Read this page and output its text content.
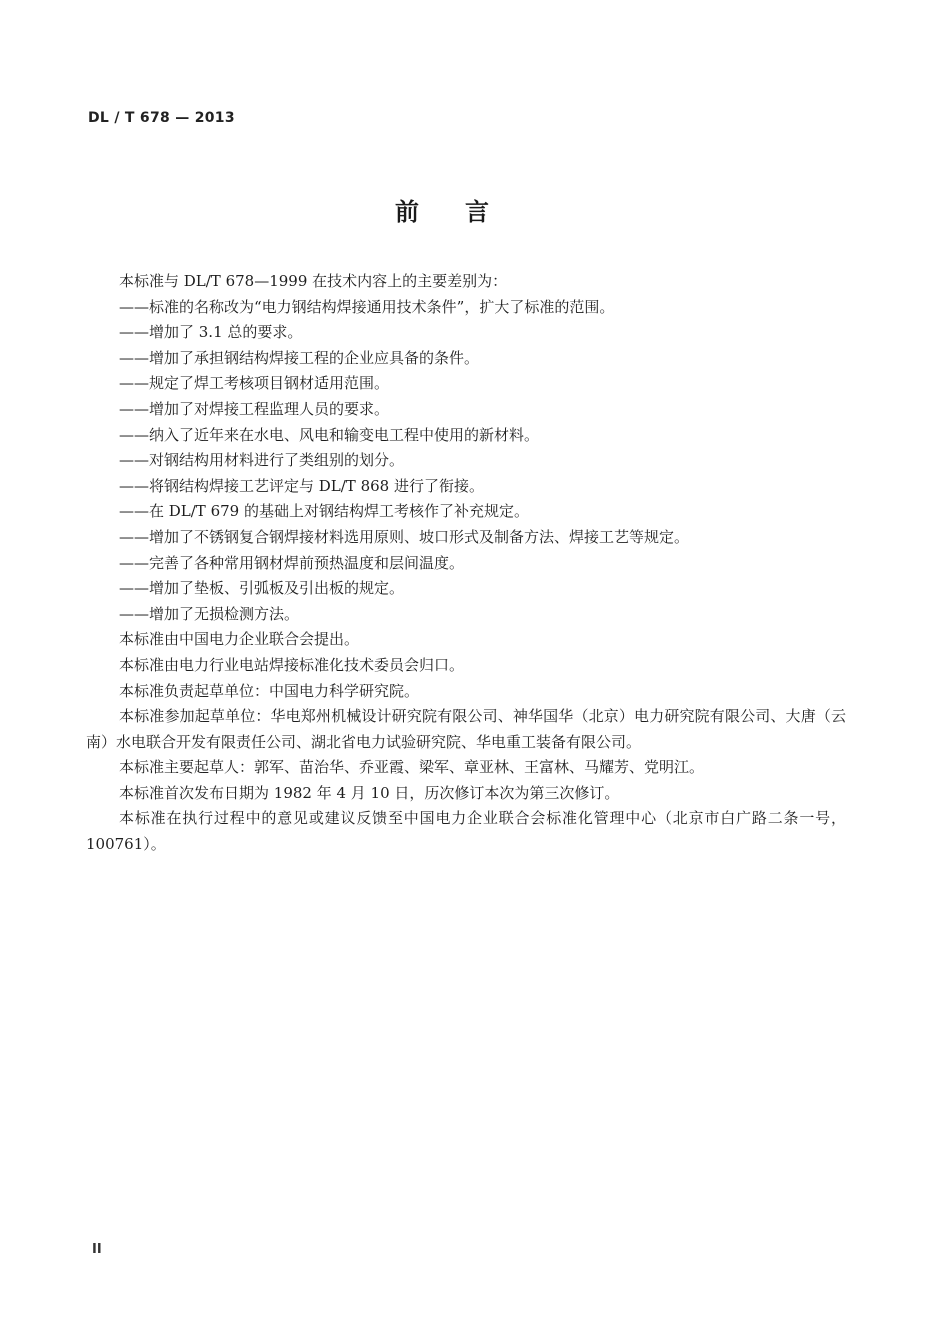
DL / T 678 — 2013
前言
本标准与 DL/T 678—1999 在技术内容上的主要差别为：
——标准的名称改为“电力钢结构焊接通用技术条件”，扩大了标准的范围。
——增加了 3.1 总的要求。
——增加了承担钢结构焊接工程的企业应具备的条件。
——规定了焊工考核项目钢材适用范围。
——增加了对焊接工程监理人员的要求。
——纳入了近年来在水电、风电和输变电工程中使用的新材料。
——对钢结构用材料进行了类组别的划分。
——将钢结构焊接工艺评定与 DL/T 868 进行了衔接。
——在 DL/T 679 的基础上对钢结构焊工考核作了补充规定。
——增加了不锈钢复合钢焊接材料选用原则、坡口形式及制备方法、焊接工艺等规定。
——完善了各种常用钢材焊前预热温度和层间温度。
——增加了垫板、引弧板及引出板的规定。
——增加了无损检测方法。
本标准由中国电力企业联合会提出。
本标准由电力行业电站焊接标准化技术委员会归口。
本标准负责起草单位：中国电力科学研究院。
本标准参加起草单位：华电郑州机械设计研究院有限公司、神华国华（北京）电力研究院有限公司、大唐（云南）水电联合开发有限责任公司、湖北省电力试验研究院、华电重工装备有限公司。
本标准主要起草人：郭军、苗治华、乔亚霞、梁军、章亚林、王富林、马耀芳、党明江。
本标准首次发布日期为 1982 年 4 月 10 日，历次修订本次为第三次修订。
本标准在执行过程中的意见或建议反馈至中国电力企业联合会标准化管理中心（北京市白广路二条一号，100761）。
II
